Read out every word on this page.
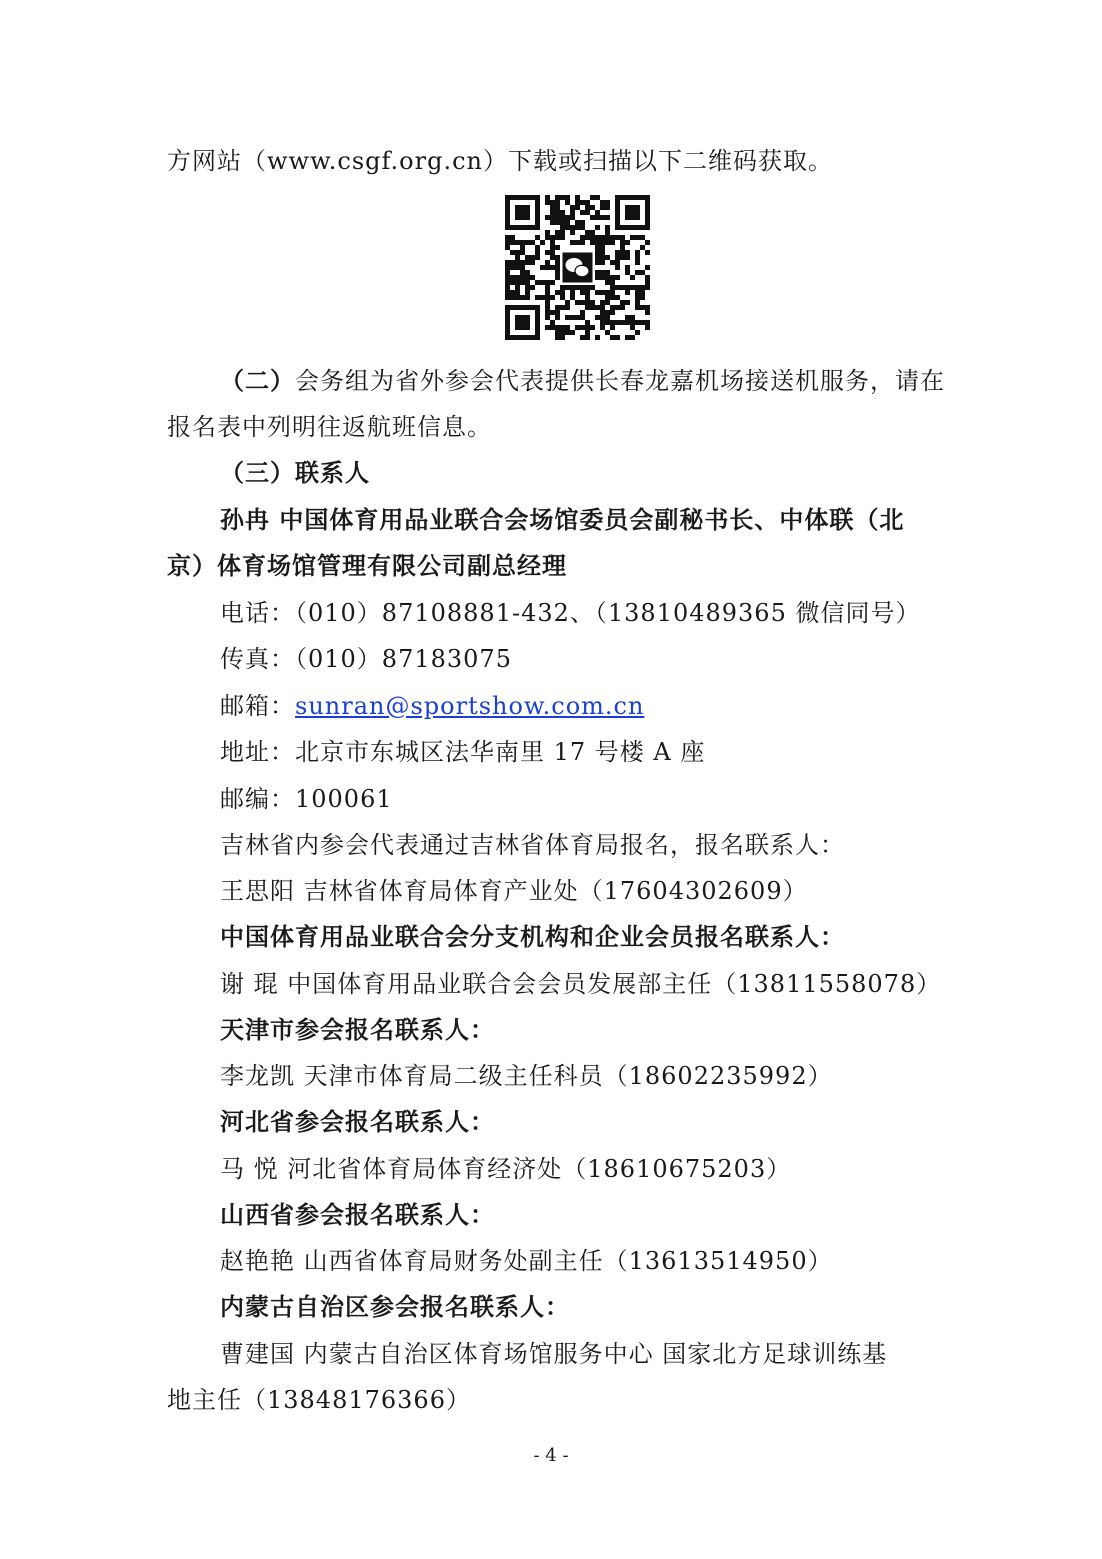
方网站（www.csgf.org.cn）下载或扫描以下二维码获取。
（二）会务组为省外参会代表提供长春龙嘉机场接送机服务，请在
报名表中列明往返航班信息。
（三）联系人
孙冉 中国体育用品业联合会场馆委员会副秘书长、中体联（北
京）体育场馆管理有限公司副总经理
电话：（010）87108881-432、（13810489365 微信同号）
传真：（010）87183075
邮箱：sunran@sportshow.com.cn
地址：北京市东城区法华南里 17 号楼 A 座
邮编：100061
吉林省内参会代表通过吉林省体育局报名，报名联系人：
王思阳 吉林省体育局体育产业处（17604302609）
中国体育用品业联合会分支机构和企业会员报名联系人：
谢 琨 中国体育用品业联合会会员发展部主任（13811558078）
天津市参会报名联系人：
李龙凯 天津市体育局二级主任科员（18602235992）
河北省参会报名联系人：
马 悦 河北省体育局体育经济处（18610675203）
山西省参会报名联系人：
赵艳艳 山西省体育局财务处副主任（13613514950）
内蒙古自治区参会报名联系人：
曹建国 内蒙古自治区体育场馆服务中心 国家北方足球训练基
地主任（13848176366）
- 4 -
